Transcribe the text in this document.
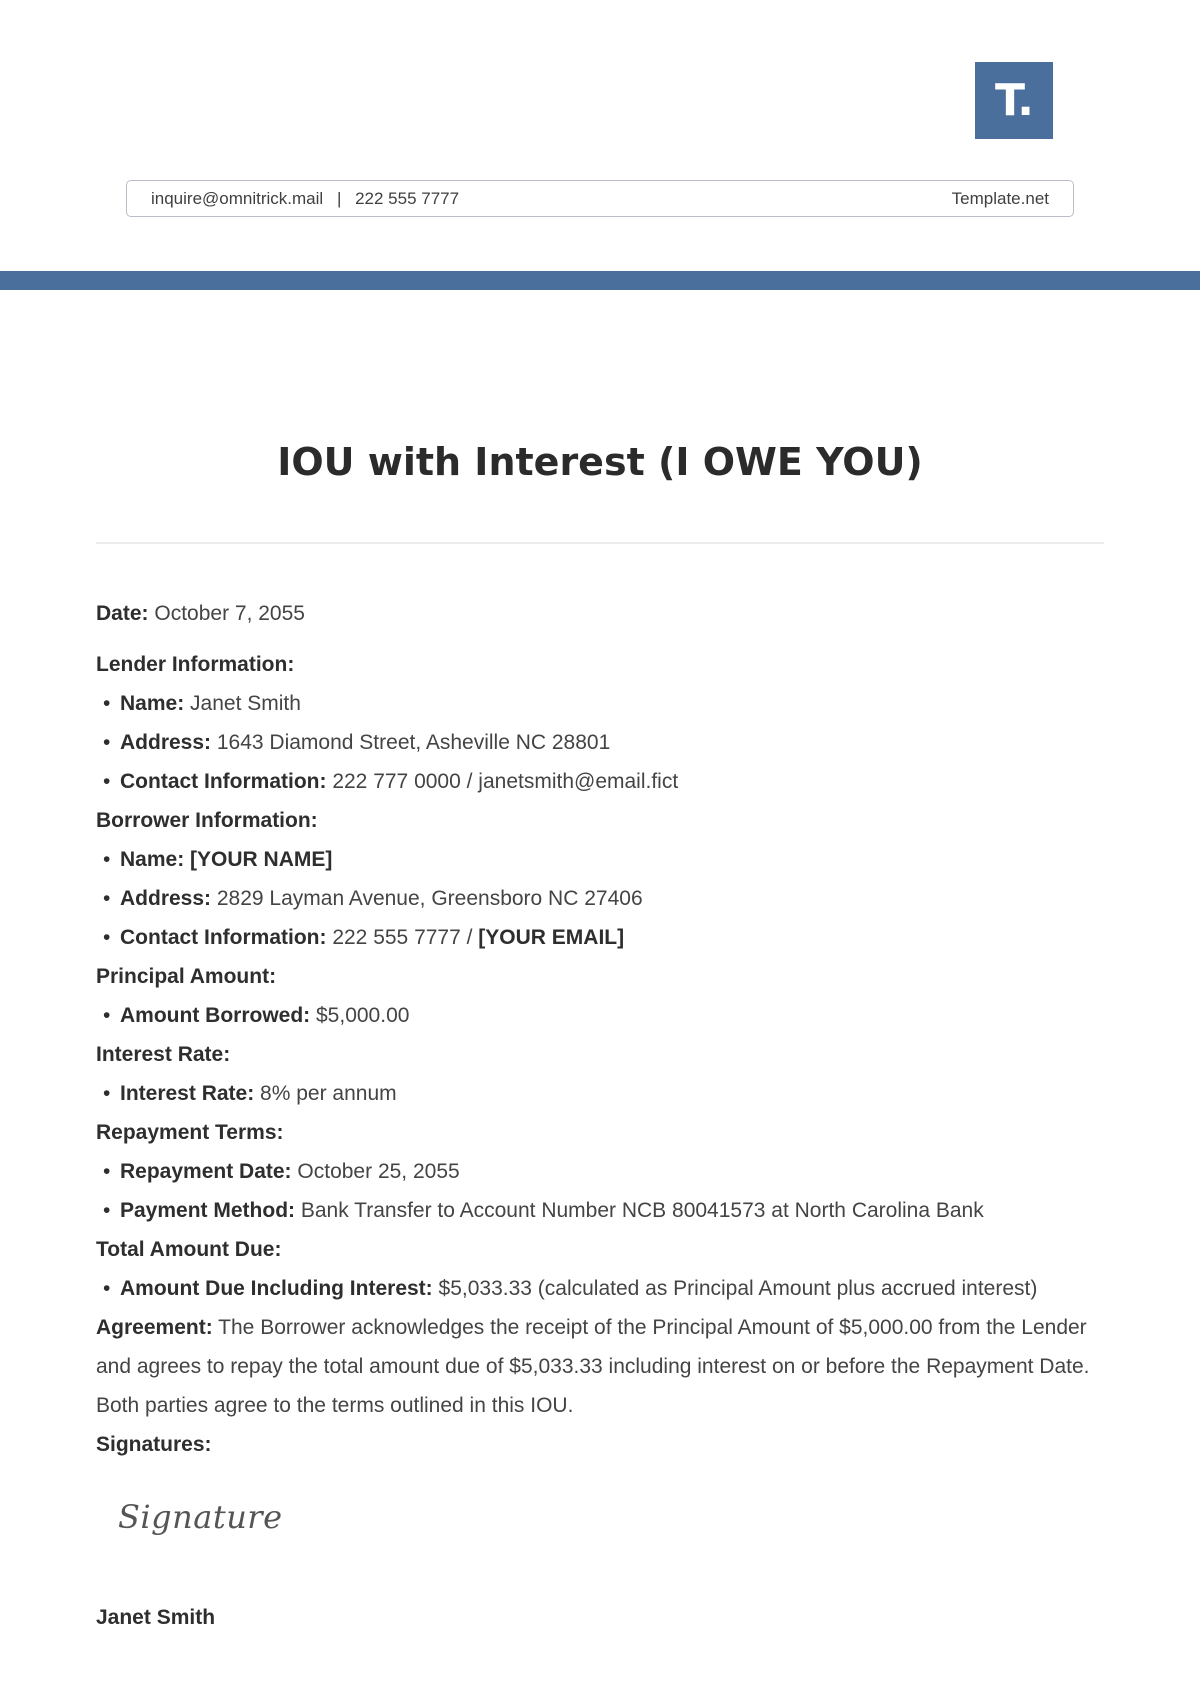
T.
inquire@omnitrick.mail | 222 555 7777	Template.net
IOU with Interest (I OWE YOU)
Date: October 7, 2055
Lender Information:
• Name: Janet Smith
• Address: 1643 Diamond Street, Asheville NC 28801
• Contact Information: 222 777 0000 / janetsmith@email.fict
Borrower Information:
• Name: [YOUR NAME]
• Address: 2829 Layman Avenue, Greensboro NC 27406
• Contact Information: 222 555 7777 / [YOUR EMAIL]
Principal Amount:
• Amount Borrowed: $5,000.00
Interest Rate:
• Interest Rate: 8% per annum
Repayment Terms:
• Repayment Date: October 25, 2055
• Payment Method: Bank Transfer to Account Number NCB 80041573 at North Carolina Bank
Total Amount Due:
• Amount Due Including Interest: $5,033.33 (calculated as Principal Amount plus accrued interest)
Agreement: The Borrower acknowledges the receipt of the Principal Amount of $5,000.00 from the Lender and agrees to repay the total amount due of $5,033.33 including interest on or before the Repayment Date. Both parties agree to the terms outlined in this IOU.
Signatures:
Signature
Janet Smith
